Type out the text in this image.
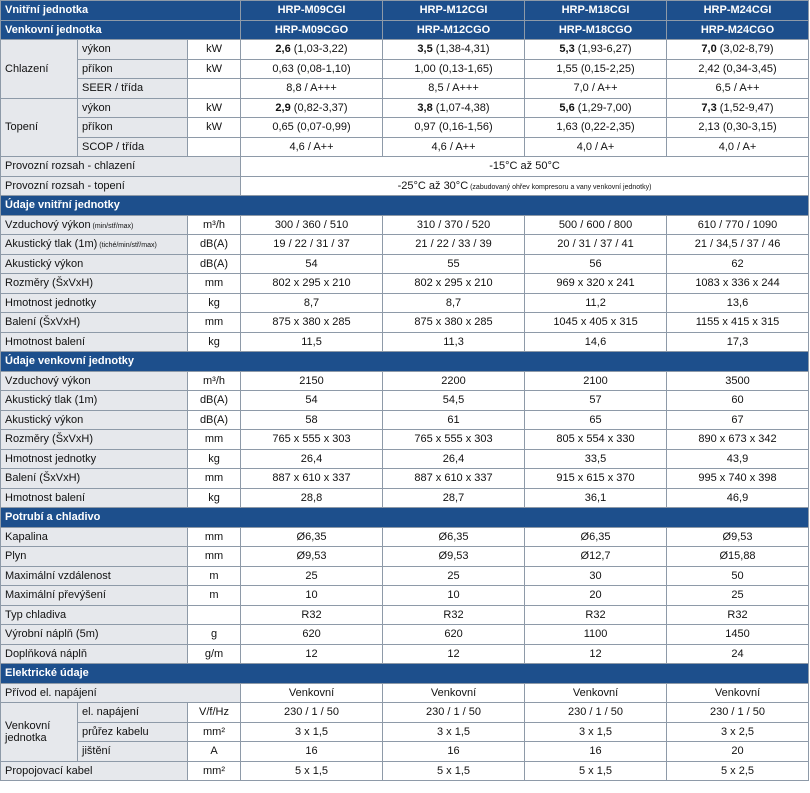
Vnitřní jednotka			HRP-M09CGI	HRP-M12CGI	HRP-M18CGI	HRP-M24CGI
Venkovní jednotka			HRP-M09CGO	HRP-M12CGO	HRP-M18CGO	HRP-M24CGO
Chlazení	výkon	kW	2,6 (1,03-3,22)	3,5 (1,38-4,31)	5,3 (1,93-6,27)	7,0 (3,02-8,79)
	příkon	kW	0,63 (0,08-1,10)	1,00 (0,13-1,65)	1,55 (0,15-2,25)	2,42 (0,34-3,45)
	SEER / třída		8,8 / A+++	8,5 / A+++	7,0 / A++	6,5 / A++
Topení	výkon	kW	2,9 (0,82-3,37)	3,8 (1,07-4,38)	5,6 (1,29-7,00)	7,3 (1,52-9,47)
	příkon	kW	0,65 (0,07-0,99)	0,97 (0,16-1,56)	1,63 (0,22-2,35)	2,13 (0,30-3,15)
	SCOP / třída		4,6 / A++	4,6 / A++	4,0 / A+	4,0 / A+
Provozní rozsah - chlazení			-15°C až 50°C			
Provozní rozsah - topení			-25°C až 30°C (zabudovaný ohřev kompresoru a vany venkovní jednotky)			
Údaje vnitřní jednotky						
Vzduchový výkon (min/stř/max)		m³/h	300 / 360 / 510	310 / 370 / 520	500 / 600 / 800	610 / 770 / 1090
Akustický tlak (1m) (tiché/min/stř/max)		dB(A)	19 / 22 / 31 / 37	21 / 22 / 33 / 39	20 / 31 / 37 / 41	21 / 34,5 / 37 / 46
Akustický výkon		dB(A)	54	55	56	62
Rozměry (ŠxVxH)		mm	802 x 295 x 210	802 x 295 x 210	969 x 320 x 241	1083 x 336 x 244
Hmotnost jednotky		kg	8,7	8,7	11,2	13,6
Balení (ŠxVxH)		mm	875 x 380 x 285	875 x 380 x 285	1045 x 405 x 315	1155 x 415 x 315
Hmotnost balení		kg	11,5	11,3	14,6	17,3
Údaje venkovní jednotky						
Vzduchový výkon		m³/h	2150	2200	2100	3500
Akustický tlak (1m)		dB(A)	54	54,5	57	60
Akustický výkon		dB(A)	58	61	65	67
Rozměry (ŠxVxH)		mm	765 x 555 x 303	765 x 555 x 303	805 x 554 x 330	890 x 673 x 342
Hmotnost jednotky		kg	26,4	26,4	33,5	43,9
Balení (ŠxVxH)		mm	887 x 610 x 337	887 x 610 x 337	915 x 615 x 370	995 x 740 x 398
Hmotnost balení		kg	28,8	28,7	36,1	46,9
Potrubí a chladivo						
Kapalina		mm	Ø6,35	Ø6,35	Ø6,35	Ø9,53
Plyn		mm	Ø9,53	Ø9,53	Ø12,7	Ø15,88
Maximální vzdálenost		m	25	25	30	50
Maximální převýšení		m	10	10	20	25
Typ chladiva			R32	R32	R32	R32
Výrobní náplň (5m)		g	620	620	1100	1450
Doplňková náplň		g/m	12	12	12	24
Elektrické údaje						
Přívod el. napájení			Venkovní	Venkovní	Venkovní	Venkovní
Venkovní jednotka	el. napájení	V/f/Hz	230 / 1 / 50	230 / 1 / 50	230 / 1 / 50	230 / 1 / 50
	průřez kabelu	mm²	3 x 1,5	3 x 1,5	3 x 1,5	3 x 2,5
	jištění	A	16	16	16	20
Propojovací kabel		mm²	5 x 1,5	5 x 1,5	5 x 1,5	5 x 2,5
